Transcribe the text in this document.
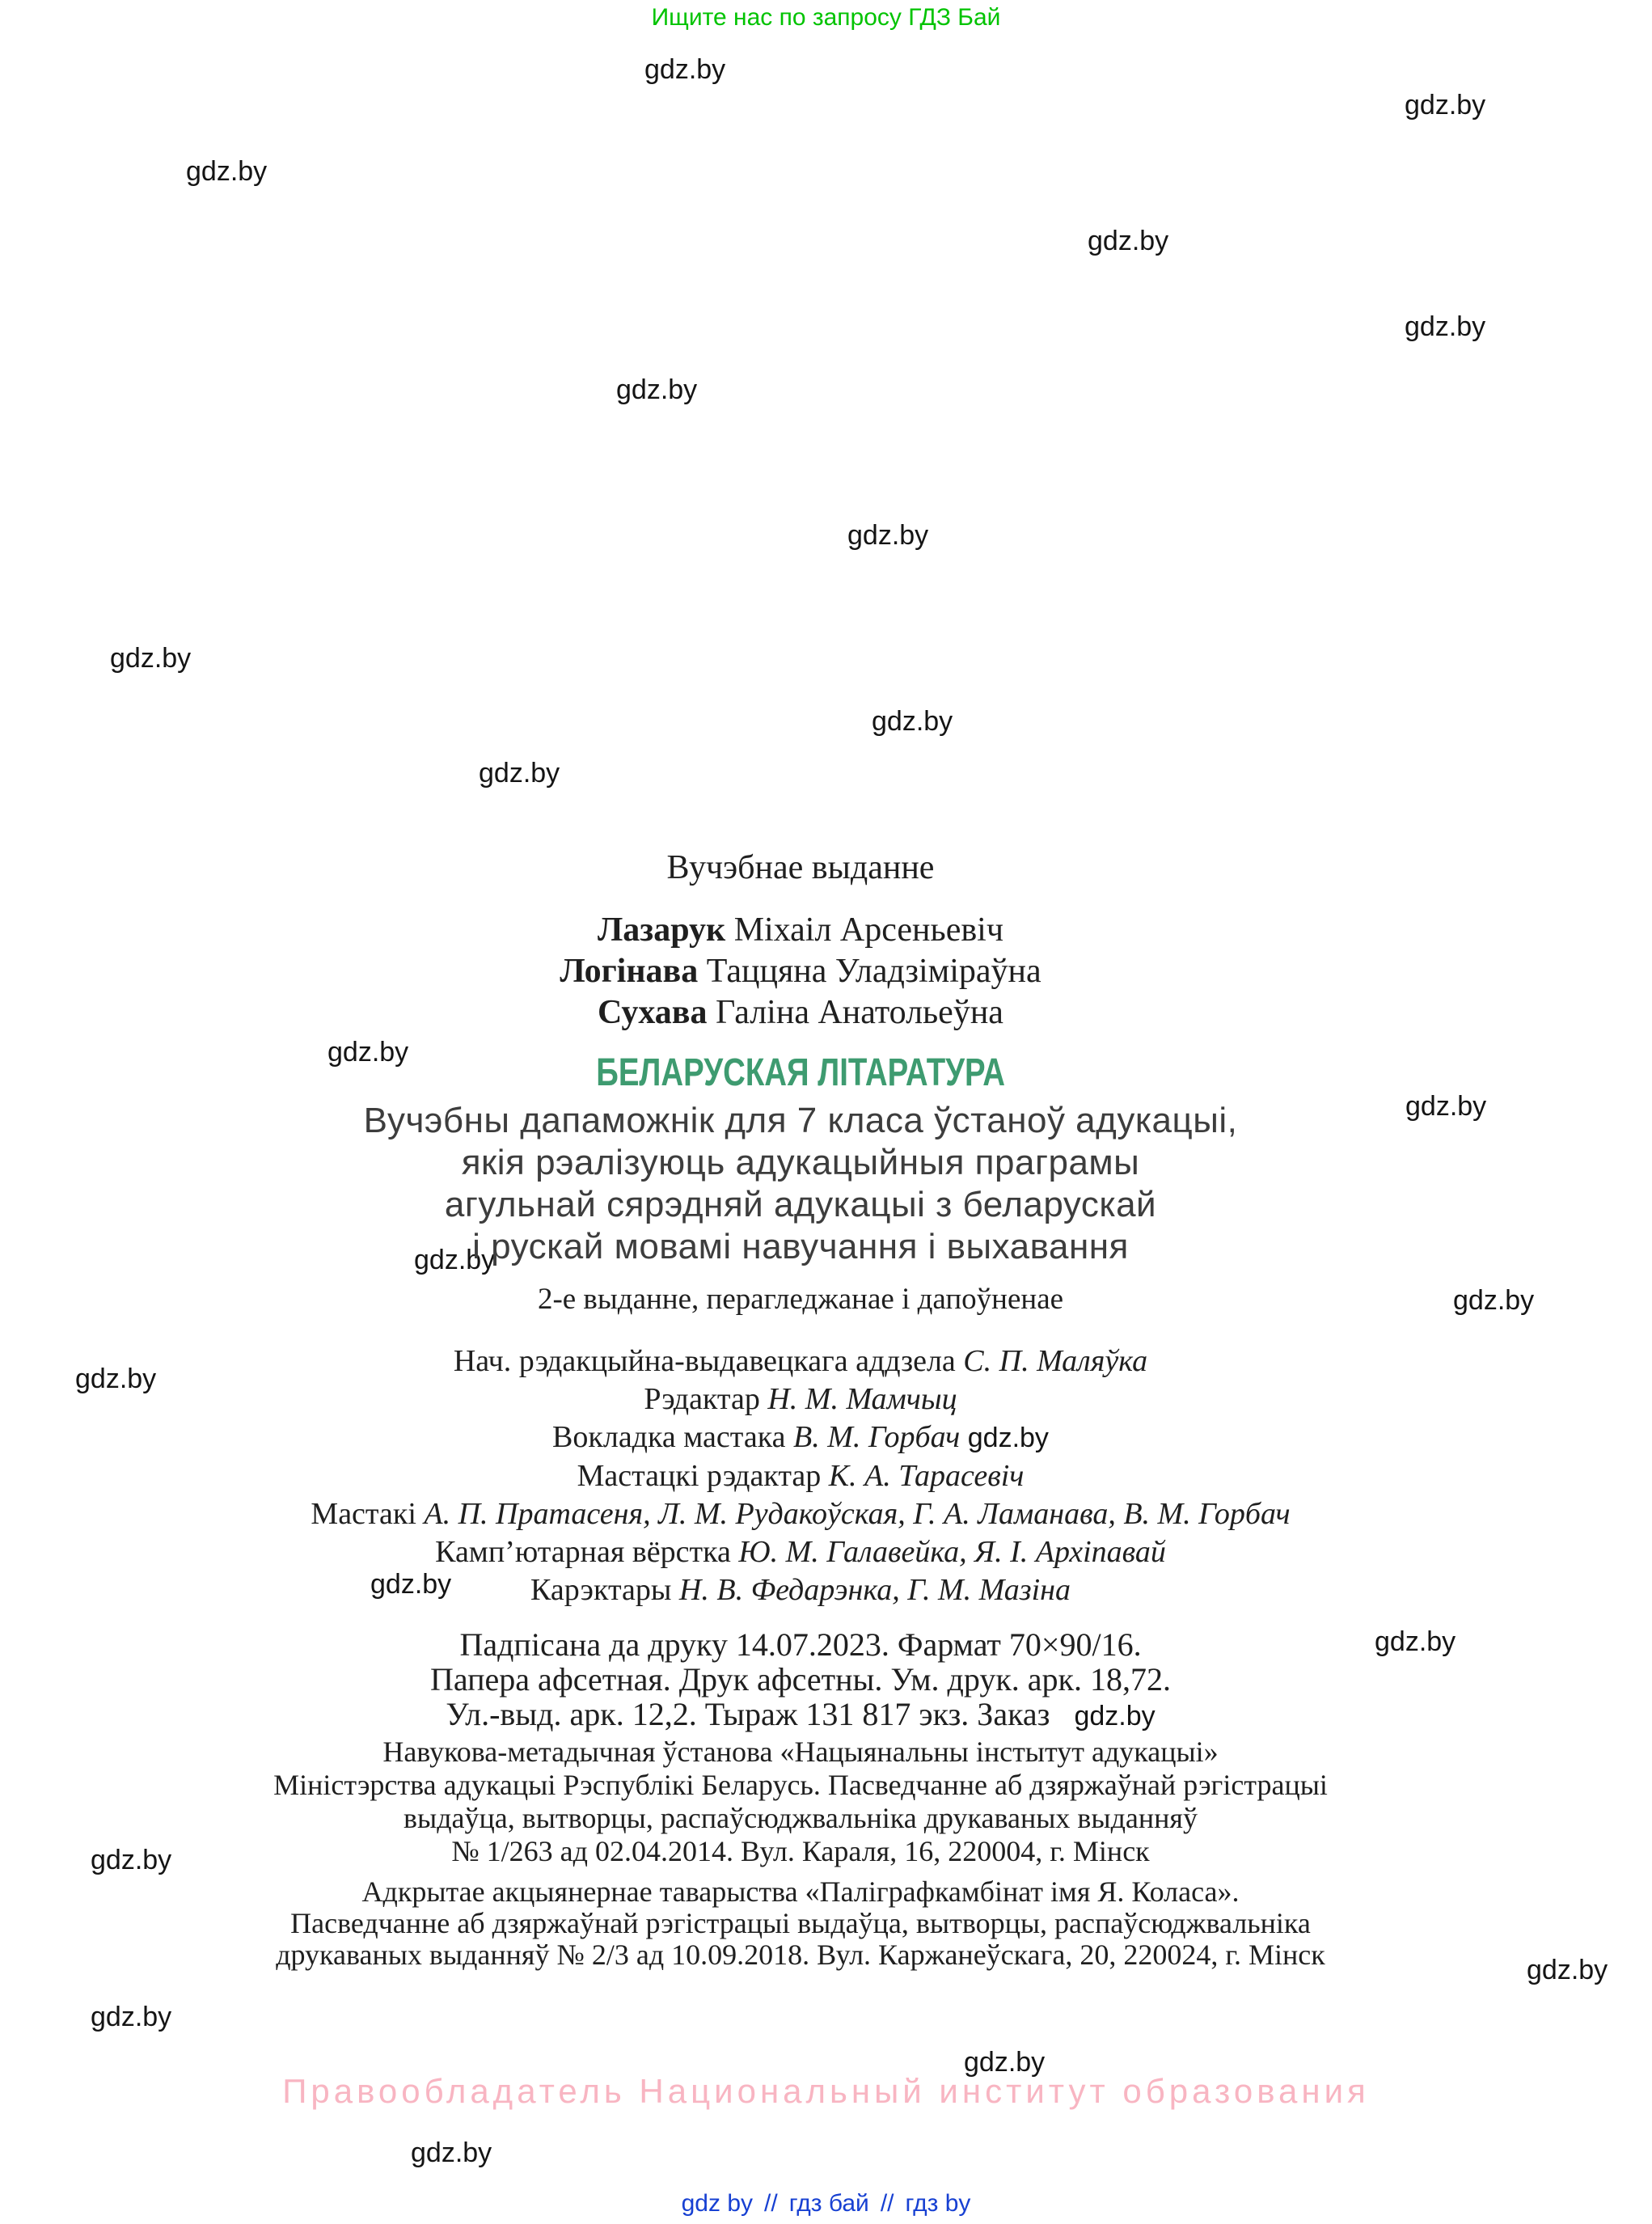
Ищите нас по запросу ГДЗ Бай
gdz.by
gdz.by
gdz.by
gdz.by
gdz.by
gdz.by
gdz.by
gdz.by
gdz.by
gdz.by
gdz.by
gdz.by
gdz.by
gdz.by
gdz.by
gdz.by
gdz.by
gdz.by
gdz.by
gdz.by
gdz.by
gdz.by
Вучэбнае выданне
Лазарук Міхаіл Арсеньевіч
Логінава Таццяна Уладзіміраўна
Сухава Галіна Анатольеўна
БЕЛАРУСКАЯ ЛІТАРАТУРА
Вучэбны дапаможнік для 7 класа ўстаноў адукацыі,
якія рэалізуюць адукацыйныя праграмы
агульнай сярэдняй адукацыі з беларускай
і рускай мовамі навучання і выхавання
2-е выданне, перагледжанае і дапоўненае
Нач. рэдакцыйна-выдавецкага аддзела С. П. Маляўка
Рэдактар Н. М. Мамчыц
Вокладка мастака В. М. Горбач gdz.by
Мастацкі рэдактар К. А. Тарасевіч
Мастакі А. П. Пратасеня, Л. М. Рудакоўская, Г. А. Ламанава, В. М. Горбач
Камп’ютарная вёрстка Ю. М. Галавейка, Я. І. Архіпавай
Карэктары Н. В. Федарэнка, Г. М. Мазіна
Падпісана да друку 14.07.2023. Фармат 70×90/16.
Папера афсетная. Друк афсетны. Ум. друк. арк. 18,72.
Ул.-выд. арк. 12,2. Тыраж 131 817 экз. Заказ gdz.by
Навукова-метадычная ўстанова «Нацыянальны інстытут адукацыі»
Міністэрства адукацыі Рэспублікі Беларусь. Пасведчанне аб дзяржаўнай рэгістрацыі
выдаўца, вытворцы, распаўсюджвальніка друкаваных выданняў
№ 1/263 ад 02.04.2014. Вул. Караля, 16, 220004, г. Мінск
Адкрытае акцыянернае таварыства «Паліграфкамбінат імя Я. Коласа».
Пасведчанне аб дзяржаўнай рэгістрацыі выдаўца, вытворцы, распаўсюджвальніка
друкаваных выданняў № 2/3 ад 10.09.2018. Вул. Каржанеўскага, 20, 220024, г. Мінск
Правообладатель Национальный институт образования
gdz by // гдз бай // гдз by
